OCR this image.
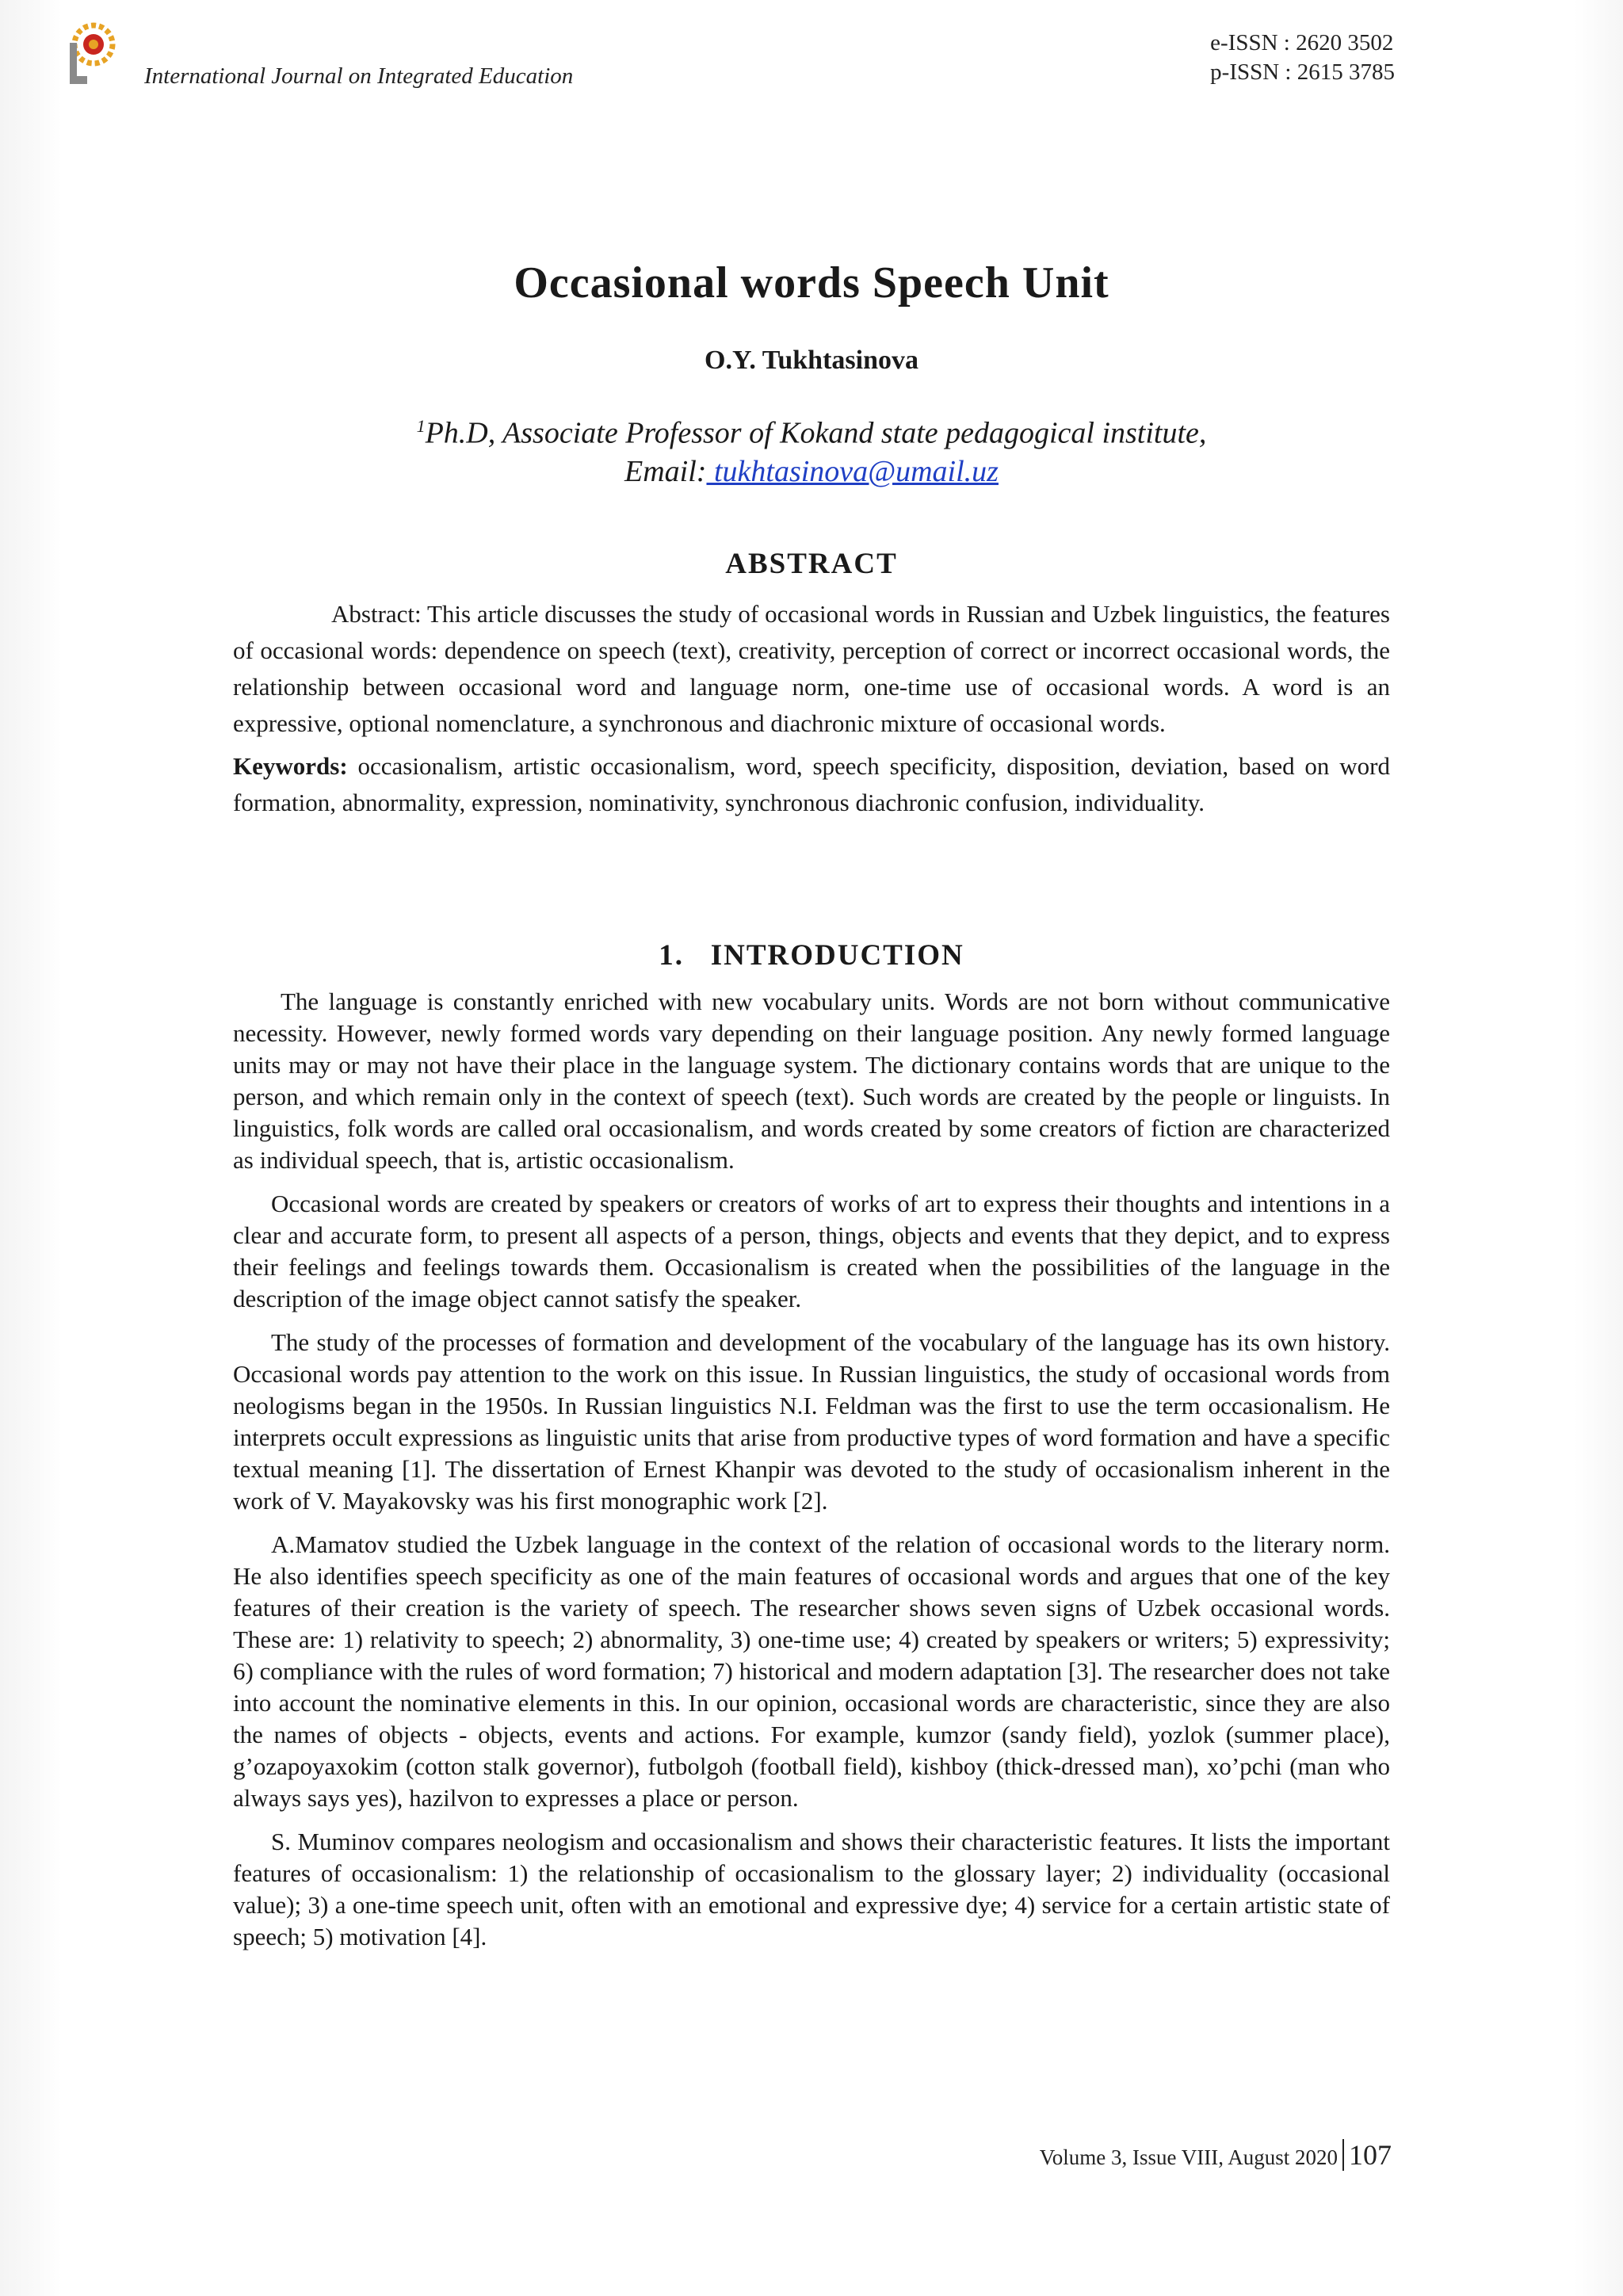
International Journal on Integrated Education
e-ISSN : 2620 3502
p-ISSN : 2615 3785
Occasional words Speech Unit
O.Y. Tukhtasinova
$^1$Ph.D, Associate Professor of Kokand state pedagogical institute,
Email: tukhtasinova@umail.uz
ABSTRACT

Abstract: This article discusses the study of occasional words in Russian and Uzbek linguistics, the features of occasional words: dependence on speech (text), creativity, perception of correct or incorrect occasional words, the relationship between occasional word and language norm, one-time use of occasional words. A word is an expressive, optional nomenclature, a synchronous and diachronic mixture of occasional words.

Keywords: occasionalism, artistic occasionalism, word, speech specificity, disposition, deviation, based on word formation, abnormality, expression, nominativity, synchronous diachronic confusion, individuality.

1.   INTRODUCTION

The language is constantly enriched with new vocabulary units. Words are not born without communicative necessity. However, newly formed words vary depending on their language position. Any newly formed language units may or may not have their place in the language system. The dictionary contains words that are unique to the person, and which remain only in the context of speech (text). Such words are created by the people or linguists. In linguistics, folk words are called oral occasionalism, and words created by some creators of fiction are characterized as individual speech, that is, artistic occasionalism.

Occasional words are created by speakers or creators of works of art to express their thoughts and intentions in a clear and accurate form, to present all aspects of a person, things, objects and events that they depict, and to express their feelings and feelings towards them. Occasionalism is created when the possibilities of the language in the description of the image object cannot satisfy the speaker.

The study of the processes of formation and development of the vocabulary of the language has its own history. Occasional words pay attention to the work on this issue. In Russian linguistics, the study of occasional words from neologisms began in the 1950s. In Russian linguistics N.I. Feldman was the first to use the term occasionalism. He interprets occult expressions as linguistic units that arise from productive types of word formation and have a specific textual meaning [1]. The dissertation of Ernest Khanpir was devoted to the study of occasionalism inherent in the work of V. Mayakovsky was his first monographic work [2].

A.Mamatov studied the Uzbek language in the context of the relation of occasional words to the literary norm. He also identifies speech specificity as one of the main features of occasional words and argues that one of the key features of their creation is the variety of speech. The researcher shows seven signs of Uzbek occasional words. These are: 1) relativity to speech; 2) abnormality, 3) one-time use; 4) created by speakers or writers; 5) expressivity; 6) compliance with the rules of word formation; 7) historical and modern adaptation [3]. The researcher does not take into account the nominative elements in this. In our opinion, occasional words are characteristic, since they are also the names of objects - objects, events and actions. For example, kumzor (sandy field), yozlok (summer place), g’ozapoyaxokim (cotton stalk governor), futbolgoh (football field), kishboy (thick-dressed man), xo’pchi (man who always says yes), hazilvon to expresses a place or person.

S. Muminov compares neologism and occasionalism and shows their characteristic features. It lists the important features of occasionalism: 1) the relationship of occasionalism to the glossary layer; 2) individuality (occasional value); 3) a one-time speech unit, often with an emotional and expressive dye; 4) service for a certain artistic state of speech; 5) motivation [4].

Volume 3, Issue VIII, August 2020 107
